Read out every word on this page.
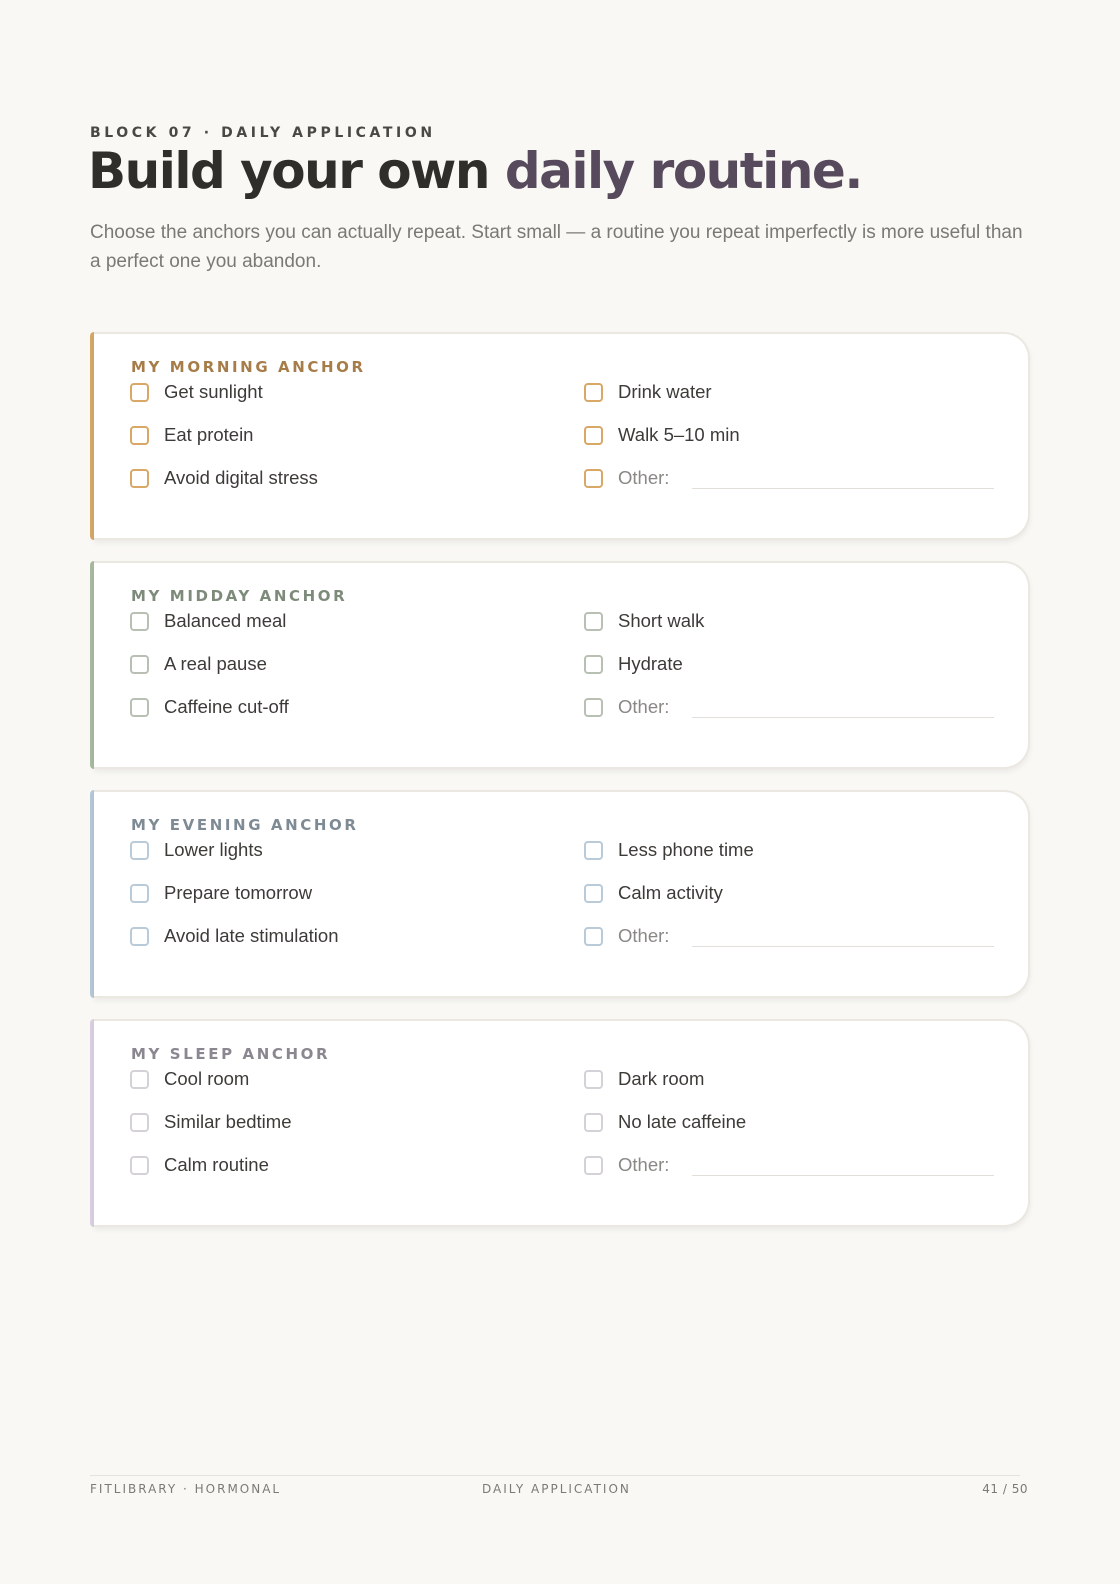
BLOCK 07 · DAILY APPLICATION
Build your own daily routine.

Choose the anchors you can actually repeat. Start small — a routine you repeat imperfectly is more useful than a perfect one you abandon.

MY MORNING ANCHOR
Get sunlight
Eat protein
Avoid digital stress
Drink water
Walk 5–10 min
Other:
MY MIDDAY ANCHOR
Balanced meal
A real pause
Caffeine cut-off
Short walk
Hydrate
Other:
MY EVENING ANCHOR
Lower lights
Prepare tomorrow
Avoid late stimulation
Less phone time
Calm activity
Other:
MY SLEEP ANCHOR
Cool room
Similar bedtime
Calm routine
Dark room
No late caffeine
Other:
FITLIBRARY · HORMONAL	DAILY APPLICATION	41 / 50
